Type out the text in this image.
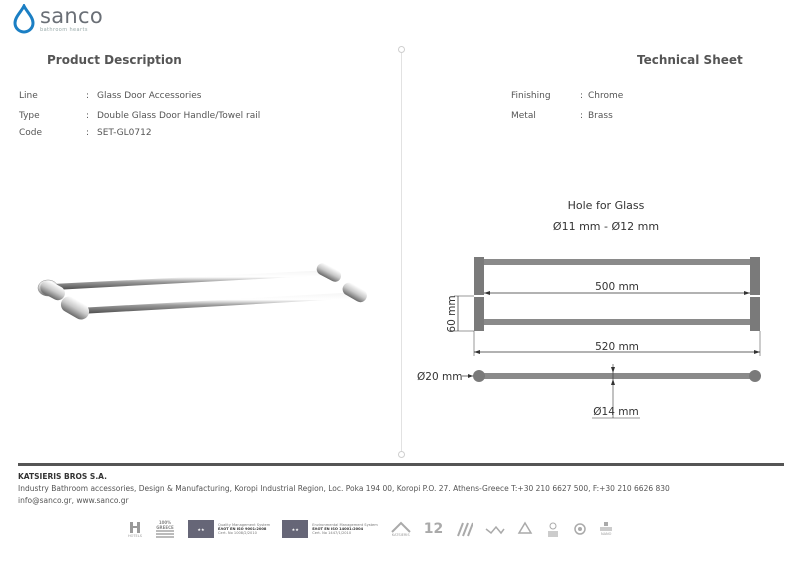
sanco
bathroom hearts
Product Description	Technical Sheet
Line	: Glass Door Accessories
Type	: Double Glass Door Handle/Towel rail
Code	: SET-GL0712
Finishing	: Chrome
Metal	: Brass
Hole for Glass
Ø11 mm - Ø12 mm
500 mm
60 mm
520 mm
Ø20 mm
Ø14 mm
KATSIERIS BROS S.A.
Industry Bathroom accessories, Design & Manufacturing, Koropi Industrial Region, Loc. Poka 194 00, Koropi P.O. 27. Athens-Greece T:+30 210 6627 500, F:+30 210 6626 830
info@sanco.gr, www.sanco.gr
HOTELS
100% GREECE	★★
Quality Management System
ΕΛΟΤ EN ISO 9001:2008
Cert. No 1008/2/2010
★★
Environmental Management System
ΕΛΟΤ EN ISO 14001:2004
Cert. No 1447/1/2010	KATSIERIS 12	NANO
